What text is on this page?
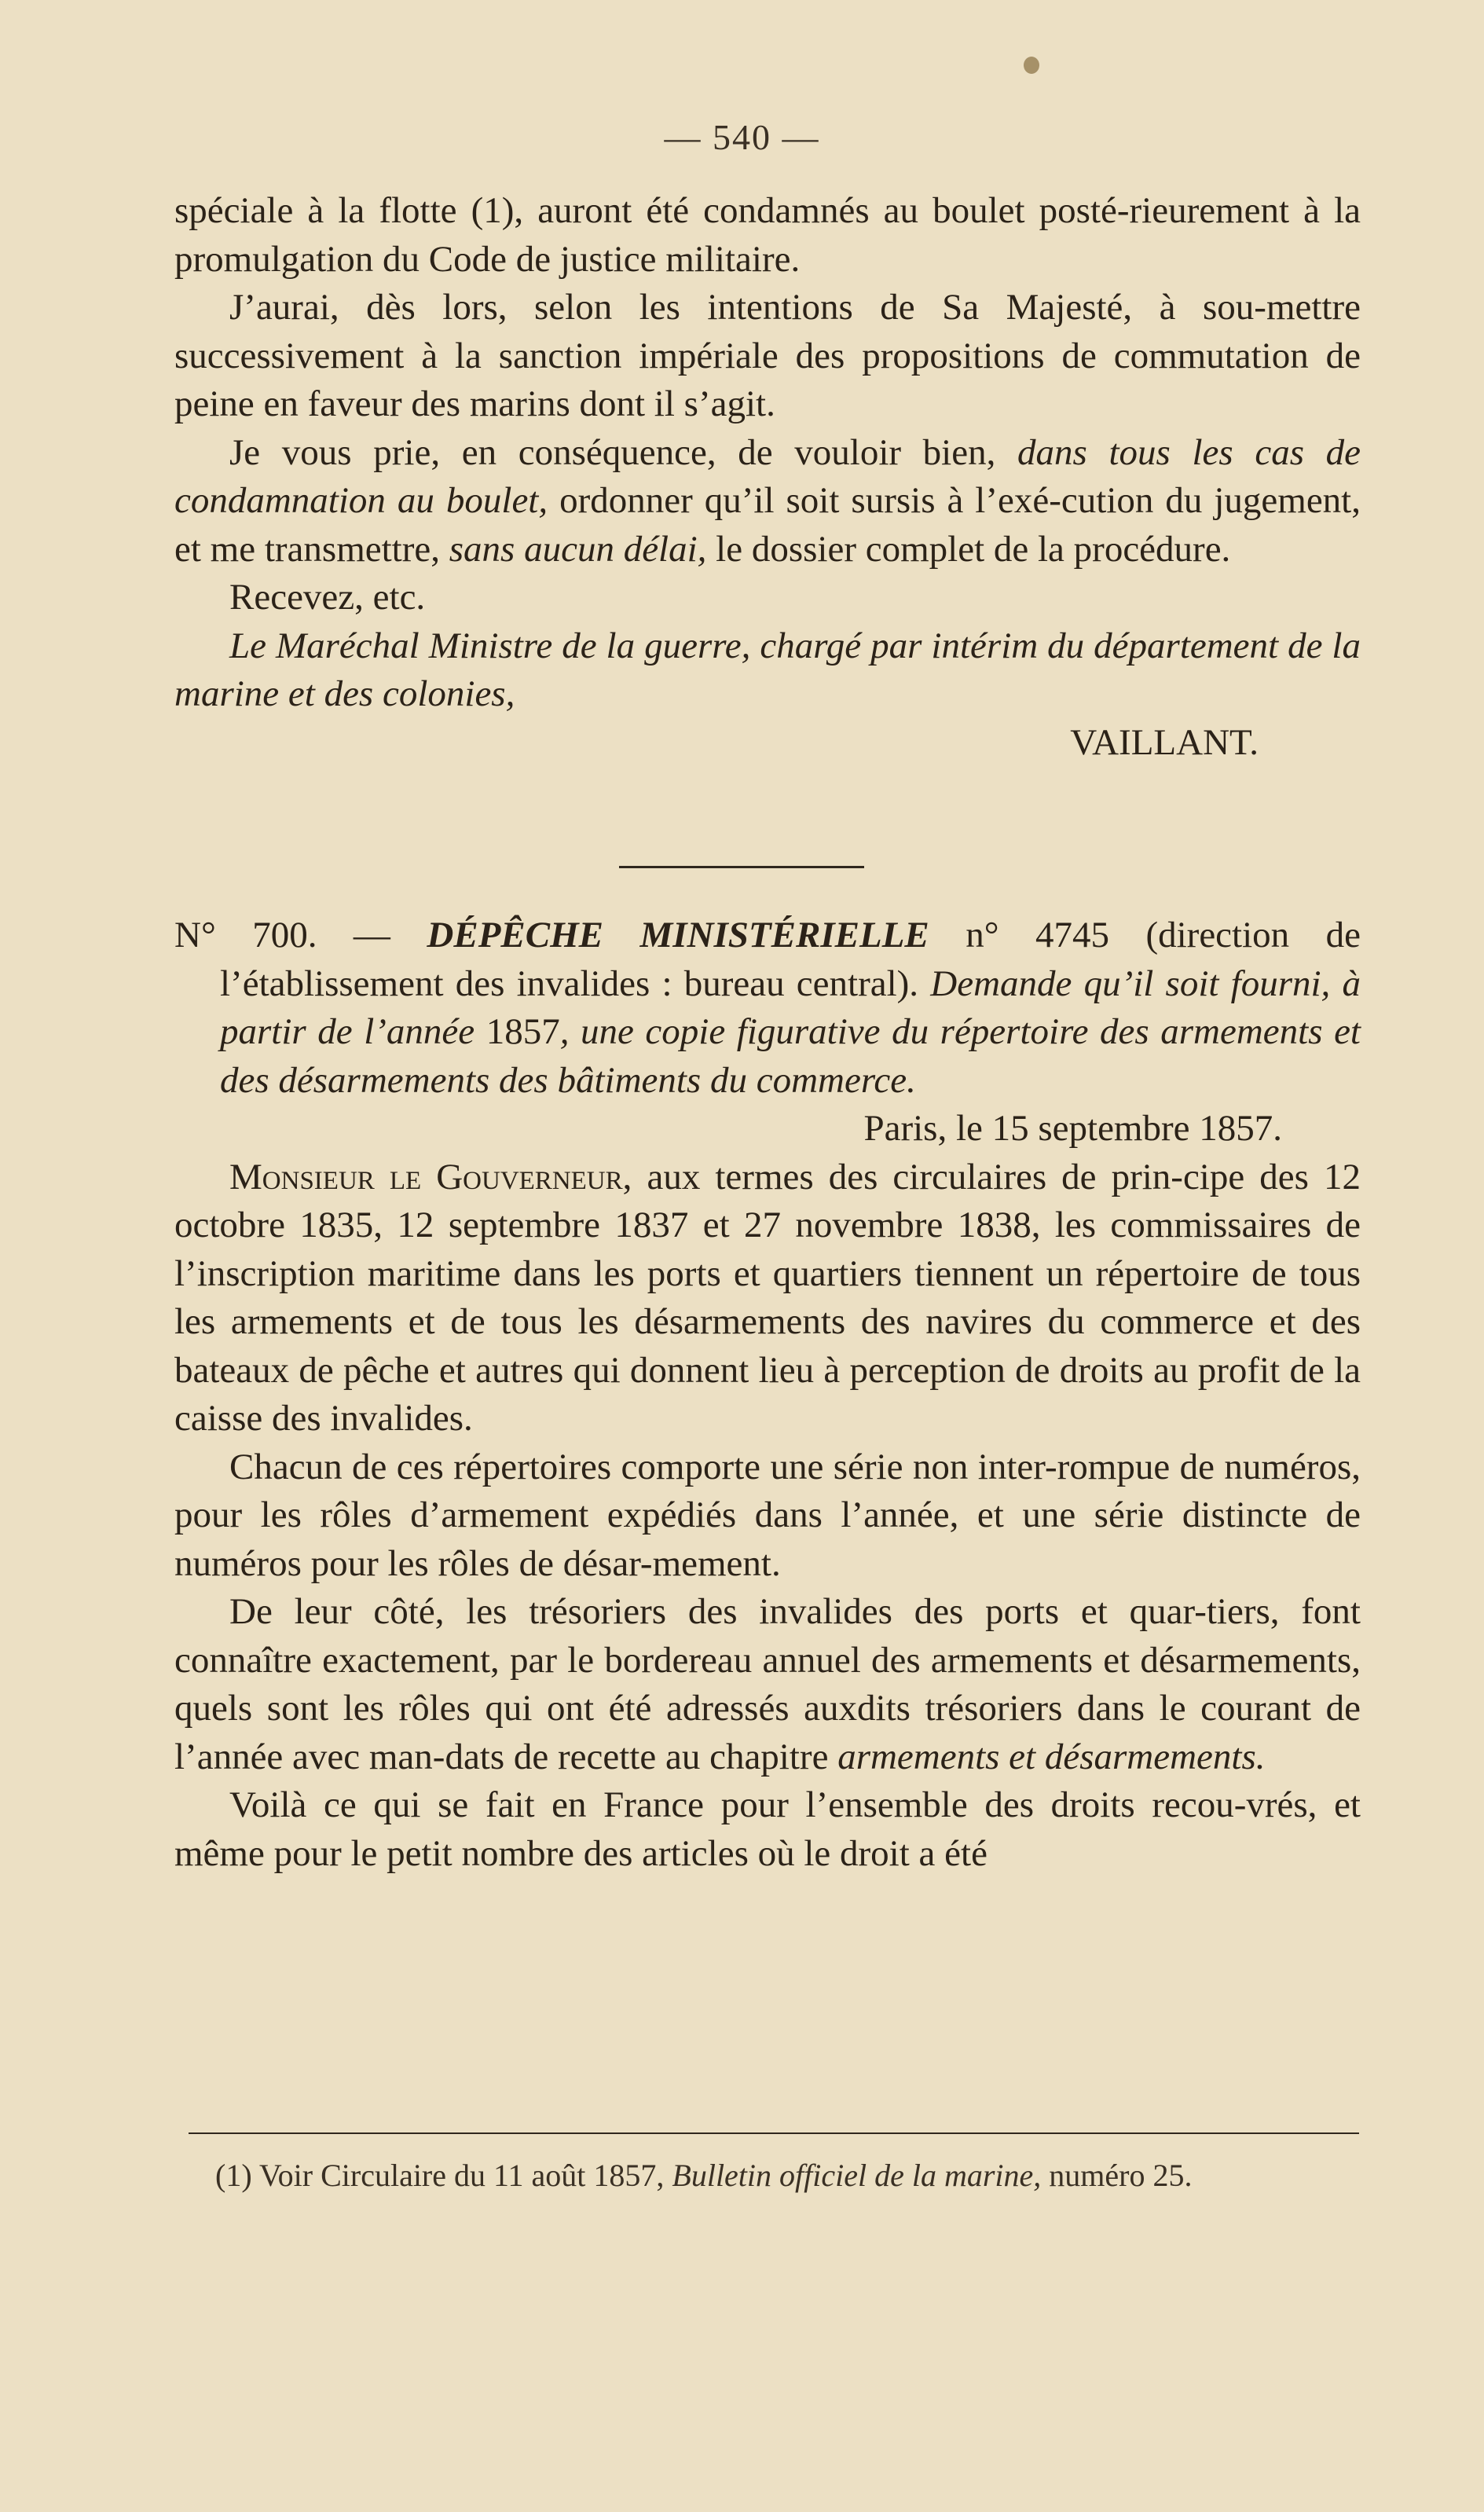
— 540 —

spéciale à la flotte (1), auront été condamnés au boulet posté-rieurement à la promulgation du Code de justice militaire.

J’aurai, dès lors, selon les intentions de Sa Majesté, à sou-mettre successivement à la sanction impériale des propositions de commutation de peine en faveur des marins dont il s’agit.

Je vous prie, en conséquence, de vouloir bien, dans tous les cas de condamnation au boulet, ordonner qu’il soit sursis à l’exé-cution du jugement, et me transmettre, sans aucun délai, le dossier complet de la procédure.

Recevez, etc.

Le Maréchal Ministre de la guerre, chargé par intérim du département de la marine et des colonies,

VAILLANT.

N° 700. — DÉPÊCHE MINISTÉRIELLE n° 4745 (direction de l’établissement des invalides : bureau central). Demande qu’il soit fourni, à partir de l’année 1857, une copie figurative du répertoire des armements et des désarmements des bâtiments du commerce.

Paris, le 15 septembre 1857.

Monsieur le Gouverneur, aux termes des circulaires de prin-cipe des 12 octobre 1835, 12 septembre 1837 et 27 novembre 1838, les commissaires de l’inscription maritime dans les ports et quartiers tiennent un répertoire de tous les armements et de tous les désarmements des navires du commerce et des bateaux de pêche et autres qui donnent lieu à perception de droits au profit de la caisse des invalides.

Chacun de ces répertoires comporte une série non inter-rompue de numéros, pour les rôles d’armement expédiés dans l’année, et une série distincte de numéros pour les rôles de désar-mement.

De leur côté, les trésoriers des invalides des ports et quar-tiers, font connaître exactement, par le bordereau annuel des armements et désarmements, quels sont les rôles qui ont été adressés auxdits trésoriers dans le courant de l’année avec man-dats de recette au chapitre armements et désarmements.

Voilà ce qui se fait en France pour l’ensemble des droits recou-vrés, et même pour le petit nombre des articles où le droit a été

(1) Voir Circulaire du 11 août 1857, Bulletin officiel de la marine, numéro 25.
